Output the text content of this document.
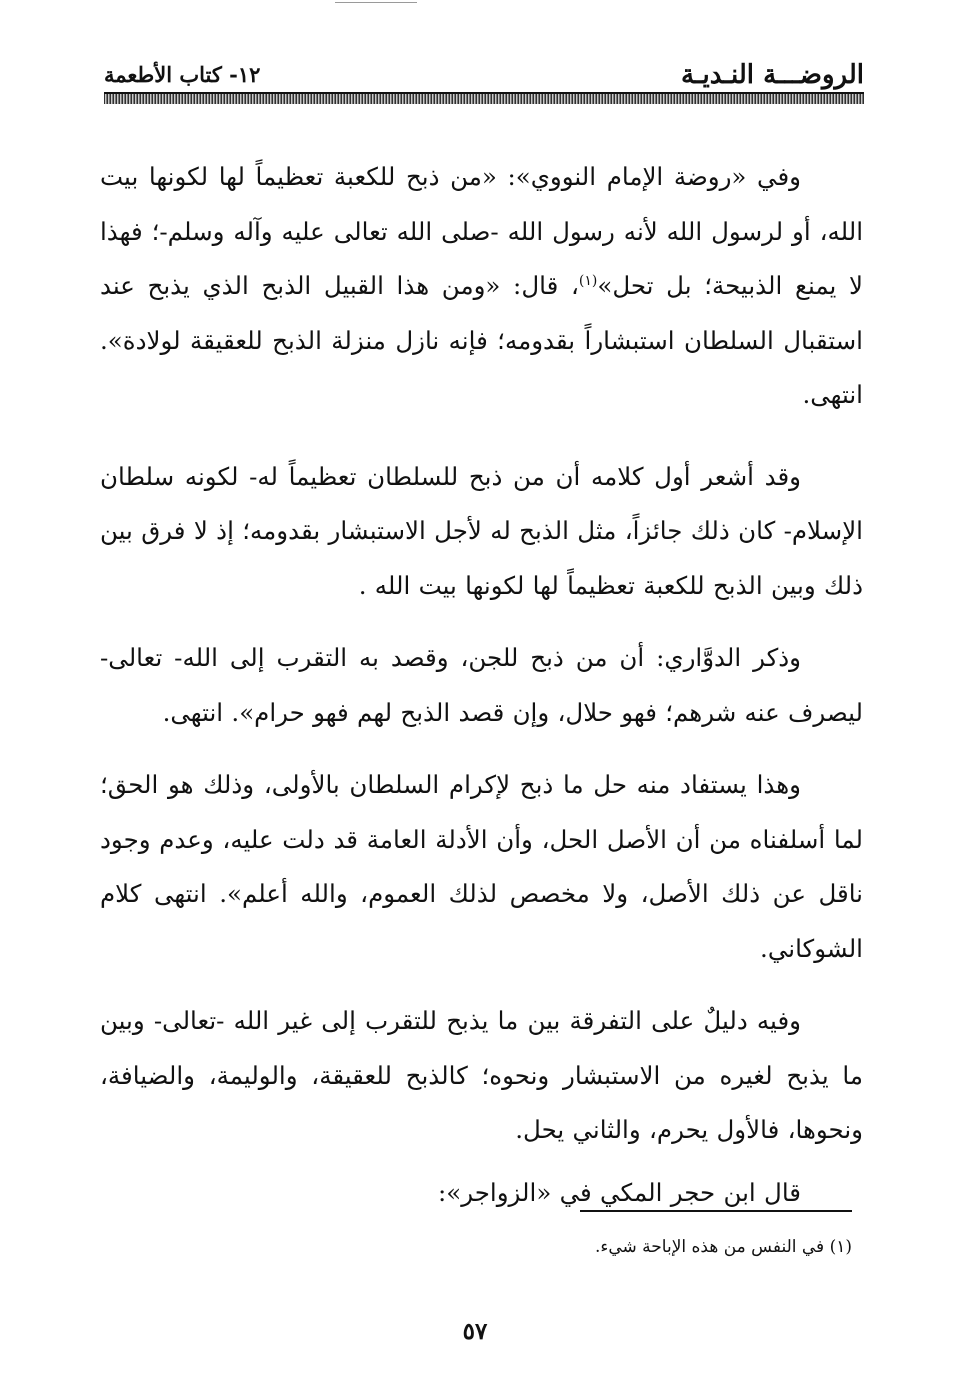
الروضـــة النـديـة
١٢- كتاب الأطعمة

وفي «روضة الإمام النووي»: «من ذبح للكعبة تعظيماً لها لكونها بيت الله، أو لرسول الله لأنه رسول الله -صلى الله تعالى عليه وآله وسلم-؛ فهذا لا يمنع الذبيحة؛ بل تحل»$^{(١)}$، قال: «ومن هذا القبيل الذبح الذي يذبح عند استقبال السلطان استبشاراً بقدومه؛ فإنه نازل منزلة الذبح للعقيقة لولادة». انتهى.

وقد أشعر أول كلامه أن من ذبح للسلطان تعظيماً له- لكونه سلطان الإسلام- كان ذلك جائزاً، مثل الذبح له لأجل الاستبشار بقدومه؛ إذ لا فرق بين ذلك وبين الذبح للكعبة تعظيماً لها لكونها بيت الله .

وذكر الدوَّاري: أن من ذبح للجن، وقصد به التقرب إلى الله- تعالى- ليصرف عنه شرهم؛ فهو حلال، وإن قصد الذبح لهم فهو حرام». انتهى.

وهذا يستفاد منه حل ما ذبح لإكرام السلطان بالأولى، وذلك هو الحق؛ لما أسلفناه من أن الأصل الحل، وأن الأدلة العامة قد دلت عليه، وعدم وجود ناقل عن ذلك الأصل، ولا مخصص لذلك العموم، والله أعلم». انتهى كلام الشوكاني.

وفيه دليلٌ على التفرقة بين ما يذبح للتقرب إلى غير الله -تعالى- وبين ما يذبح لغيره من الاستبشار ونحوه؛ كالذبح للعقيقة، والوليمة، والضيافة، ونحوها، فالأول يحرم، والثاني يحل.

قال ابن حجر المكي في «الزواجر»:

(١) في النفس من هذه الإباحة شيء.
٥٧
